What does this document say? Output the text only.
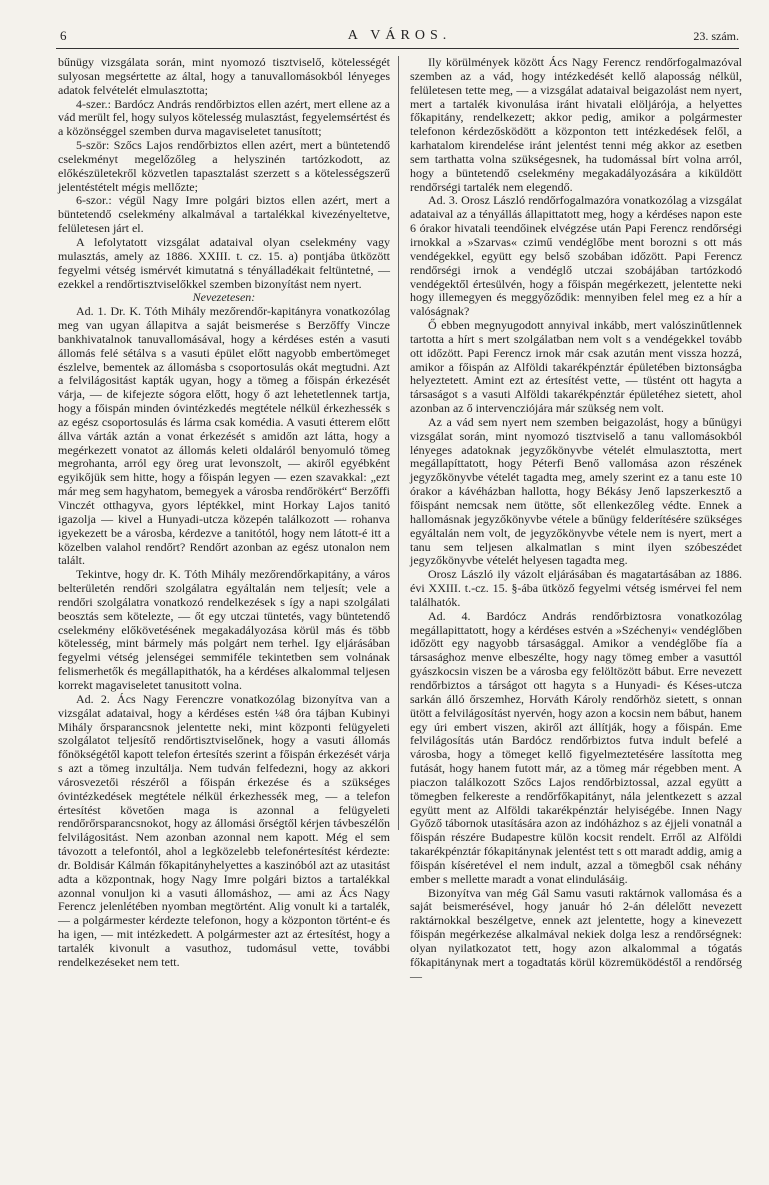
6	A VÁROS.	23. szám.

bűnügy vizsgálata során, mint nyomozó tisztviselő, kötelességét sulyosan megsértette az által, hogy a tanuvallomásokból lényeges adatok felvételét elmulasztotta;

4-szer.: Bardócz András rendőrbiztos ellen azért, mert ellene az a vád merült fel, hogy sulyos kötelesség mulasztást, fegyelemsértést és a közönséggel szemben durva magaviseletet tanusított;

5-ször: Szőcs Lajos rendőrbiztos ellen azért, mert a büntetendő cselekményt megelőzőleg a helyszinén tartózkodott, az előkészületekről közvetlen tapasztalást szerzett s a kötelességszerű jelentéstételt mégis mellőzte;

6-szor.: végül Nagy Imre polgári biztos ellen azért, mert a büntetendő cselekmény alkalmával a tartalékkal kivezényeltetve, felületesen járt el.

A lefolytatott vizsgálat adataival olyan cselekmény vagy mulasztás, amely az 1886. XXIII. t. cz. 15. a) pontjába ütközött fegyelmi vétség ismérvét kimutatná s tényálladékait feltüntetné, — ezekkel a rendőrtisztviselőkkel szemben bizonyítást nem nyert.

Nevezetesen:

Ad. 1. Dr. K. Tóth Mihály mezőrendőr-kapitányra vonatkozólag meg van ugyan állapitva a saját beismerése s Berzőffy Vincze bankhivatalnok tanuvallomásával, hogy a kérdéses estén a vasuti állomás felé sétálva s a vasuti épület előtt nagyobb embertömeget észlelve, bementek az állomásba s csoportosulás okát megtudni. Azt a felvilágositást kapták ugyan, hogy a tömeg a főispán érkezését várja, — de kifejezte sógora előtt, hogy ő azt lehetetlennek tartja, hogy a főispán minden óvintézkedés megtétele nélkül érkezhessék s az egész csoportosulás és lárma csak komédia. A vasuti étterem előtt állva várták aztán a vonat érkezését s amidőn azt látta, hogy a megérkezett vonatot az állomás keleti oldaláról benyomuló tömeg megrohanta, arról egy öreg urat levonszolt, — akiről egyébként egyikőjük sem hitte, hogy a főispán legyen — ezen szavakkal: „ezt már meg sem hagyhatom, bemegyek a városba rendőrökért“ Berzőffi Vinczét otthagyva, gyors léptékkel, mint Horkay Lajos tanitó igazolja — kivel a Hunyadi-utcza közepén találkozott — rohanva igyekezett be a városba, kérdezve a tanitótól, hogy nem látott-é itt a közelben valahol rendőrt? Rendőrt azonban az egész utonalon nem talált.

Tekintve, hogy dr. K. Tóth Mihály mezőrendőrkapitány, a város belterületén rendőri szolgálatra egyáltalán nem teljesít; vele a rendőri szolgálatra vonatkozó rendelkezések s így a napi szolgálati beosztás sem kötelezte, — őt egy utczai tüntetés, vagy büntetendő cselekmény előkövetésének megakadályozása körül más és több kötelesség, mint bármely más polgárt nem terhel. Igy eljárásában fegyelmi vétség jelenségei semmiféle tekintetben sem volnának felismerhetők és megállapithatók, ha a kérdéses alkalommal teljesen korrekt magaviseletet tanusitott volna.

Ad. 2. Ács Nagy Ferenczre vonatkozólag bizonyítva van a vizsgálat adataival, hogy a kérdéses estén ¼8 óra tájban Kubinyi Mihály őrsparancsnok jelentette neki, mint központi felügyeleti szolgálatot teljesítő rendőrtisztviselőnek, hogy a vasuti állomás főnökségétől kapott telefon értesítés szerint a főispán érkezését várja s azt a tömeg inzultálja. Nem tudván felfedezni, hogy az akkori városvezetői részéről a főispán érkezése és a szükséges óvintézkedések megtétele nélkül érkezhessék meg, — a telefon értesítést követően maga is azonnal a felügyeleti rendőrőrsparancsnokot, hogy az állomási őrségtől kérjen távbeszélőn felvilágositást. Nem azonban azonnal nem kapott. Még el sem távozott a telefontól, ahol a legközelebb telefonértesítést kérdezte: dr. Boldisár Kálmán főkapitányhelyettes a kaszinóból azt az utasitást adta a központnak, hogy Nagy Imre polgári biztos a tartalékkal azonnal vonuljon ki a vasuti állomáshoz, — ami az Ács Nagy Ferencz jelenlétében nyomban megtörtént. Alig vonult ki a tartalék, — a polgármester kérdezte telefonon, hogy a központon történt-e és ha igen, — mit intézkedett. A polgármester azt az értesítést, hogy a tartalék kivonult a vasuthoz, tudomásul vette, további rendelkezéseket nem tett.

Ily körülmények között Ács Nagy Ferencz rendőrfogalmazóval szemben az a vád, hogy intézkedését kellő alaposság nélkül, felületesen tette meg, — a vizsgálat adataival beigazolást nem nyert, mert a tartalék kivonulása iránt hivatali elöljárója, a helyettes főkapitány, rendelkezett; akkor pedig, amikor a polgármester telefonon kérdezősködött a központon tett intézkedések felől, a karhatalom kirendelése iránt jelentést tenni még akkor az esetben sem tarthatta volna szükségesnek, ha tudomással bírt volna arról, hogy a büntetendő cselekmény megakadályozására a kiküldött rendőrségi tartalék nem elegendő.

Ad. 3. Orosz László rendőrfogalmazóra vonatkozólag a vizsgálat adataival az a tényállás állapittatott meg, hogy a kérdéses napon este 6 órakor hivatali teendőinek elvégzése után Papi Ferencz rendőrségi irnokkal a »Szarvas« czimű vendéglőbe ment borozni s ott más vendégekkel, együtt egy belső szobában időzött. Papi Ferencz rendőrségi irnok a vendéglő utczai szobájában tartózkodó vendégektől értesülvén, hogy a főispán megérkezett, jelentette neki hogy illemegyen és meggyőződik: mennyiben felel meg ez a hír a valóságnak?

Ő ebben megnyugodott annyival inkább, mert valószinűtlennek tartotta a hírt s mert szolgálatban nem volt s a vendégekkel tovább ott időzött. Papi Ferencz irnok már csak azután ment vissza hozzá, amikor a főispán az Alföldi takarékpénztár épületében biztonságba helyeztetett. Amint ezt az értesítést vette, — tüstént ott hagyta a társaságot s a vasuti Alföldi takarékpénztár épületéhez sietett, ahol azonban az ő intervencziójára már szükség nem volt.

Az a vád sem nyert nem szemben beigazolást, hogy a bűnügyi vizsgálat során, mint nyomozó tisztviselő a tanu vallomásokból lényeges adatoknak jegyzőkönyvbe vételét elmulasztotta, mert megállapíttatott, hogy Péterfi Benő vallomása azon részének jegyzőkönyvbe vételét tagadta meg, amely szerint ez a tanu este 10 órakor a kávéházban hallotta, hogy Békásy Jenő lapszerkesztő a főispánt nemcsak nem ütötte, sőt ellenkezőleg védte. Ennek a hallomásnak jegyzőkönyvbe vétele a bűnügy felderítésére szükséges egyáltalán nem volt, de jegyzőkönyvbe vétele nem is nyert, mert a tanu sem teljesen alkalmatlan s mint ilyen szóbeszédet jegyzőkönyvbe vételét helyesen tagadta meg.

Orosz László ily vázolt eljárásában és magatartásában az 1886. évi XXIII. t.-cz. 15. §-ába ütköző fegyelmi vétség ismérvei fel nem találhatók.

Ad. 4. Bardócz András rendőrbiztosra vonatkozólag megállapittatott, hogy a kérdéses estvén a »Széchenyi« vendéglőben időzött egy nagyobb társasággal. Amikor a vendéglőbe fía a társasághoz menve elbeszélte, hogy nagy tömeg ember a vasuttól gyászkocsin viszen be a városba egy felöltözött bábut. Erre nevezett rendőrbiztos a társágot ott hagyta s a Hunyadi- és Késes-utcza sarkán álló őrszemhez, Horváth Károly rendőrhöz sietett, s onnan ütött a felvilágosítást nyervén, hogy azon a kocsin nem bábut, hanem egy úri embert viszen, akiről azt állítják, hogy a főispán. Eme felvilágosítás után Bardócz rendőrbiztos futva indult befelé a városba, hogy a tömeget kellő figyelmeztetésére lassította meg futását, hogy hanem futott már, az a tömeg már régebben ment. A piaczon találkozott Szőcs Lajos rendőrbiztossal, azzal együtt a tömegben felkereste a rendőrfőkapitányt, nála jelentkezett s azzal együtt ment az Alföldi takarékpénztár helyiségébe. Innen Nagy Győző tábornok utasítására azon az indóházhoz s az éjjeli vonatnál a főispán részére Budapestre külön kocsit rendelt. Erről az Alföldi takarékpénztár fókapitánynak jelentést tett s ott maradt addig, amig a főispán kíséretével el nem indult, azzal a tömegből csak néhány ember s mellette maradt a vonat elindulásáig.

Bizonyítva van még Gál Samu vasuti raktárnok vallomása és a saját beismerésével, hogy január hó 2-án délelőtt nevezett raktárnokkal beszélgetve, ennek azt jelentette, hogy a kinevezett főispán megérkezése alkalmával nekiek dolga lesz a rendőrségnek: olyan nyilatkozatot tett, hogy azon alkalommal a tógatás főkapitánynak mert a togadtatás körül közremüködéstől a rendőrség —
